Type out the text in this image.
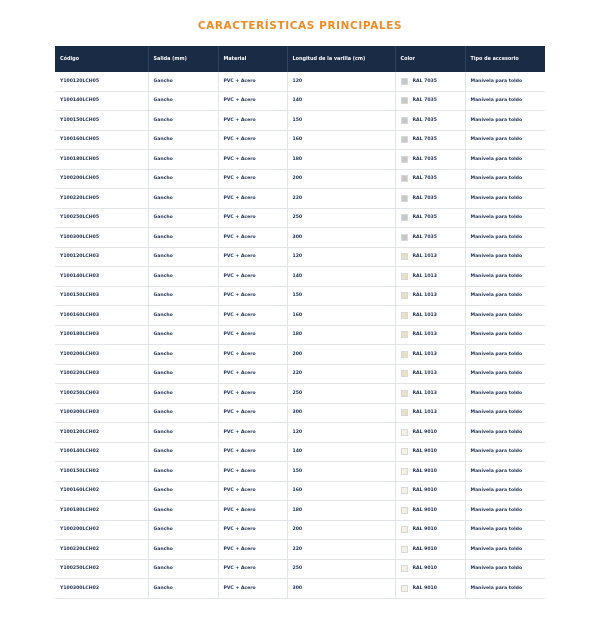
CARACTERÍSTICAS PRINCIPALES
Código	Salida (mm)	Material	Longitud de la varilla (cm)	Color	Tipo de accesorio
Y100120LCH05	Gancho	PVC + Acero	120	RAL 7035	Manivela para toldo
Y100140LCH05	Gancho	PVC + Acero	140	RAL 7035	Manivela para toldo
Y100150LCH05	Gancho	PVC + Acero	150	RAL 7035	Manivela para toldo
Y100160LCH05	Gancho	PVC + Acero	160	RAL 7035	Manivela para toldo
Y100180LCH05	Gancho	PVC + Acero	180	RAL 7035	Manivela para toldo
Y100200LCH05	Gancho	PVC + Acero	200	RAL 7035	Manivela para toldo
Y100220LCH05	Gancho	PVC + Acero	220	RAL 7035	Manivela para toldo
Y100250LCH05	Gancho	PVC + Acero	250	RAL 7035	Manivela para toldo
Y100300LCH05	Gancho	PVC + Acero	300	RAL 7035	Manivela para toldo
Y100120LCH03	Gancho	PVC + Acero	120	RAL 1013	Manivela para toldo
Y100140LCH03	Gancho	PVC + Acero	140	RAL 1013	Manivela para toldo
Y100150LCH03	Gancho	PVC + Acero	150	RAL 1013	Manivela para toldo
Y100160LCH03	Gancho	PVC + Acero	160	RAL 1013	Manivela para toldo
Y100180LCH03	Gancho	PVC + Acero	180	RAL 1013	Manivela para toldo
Y100200LCH03	Gancho	PVC + Acero	200	RAL 1013	Manivela para toldo
Y100220LCH03	Gancho	PVC + Acero	220	RAL 1013	Manivela para toldo
Y100250LCH03	Gancho	PVC + Acero	250	RAL 1013	Manivela para toldo
Y100300LCH03	Gancho	PVC + Acero	300	RAL 1013	Manivela para toldo
Y100120LCH02	Gancho	PVC + Acero	120	RAL 9010	Manivela para toldo
Y100140LCH02	Gancho	PVC + Acero	140	RAL 9010	Manivela para toldo
Y100150LCH02	Gancho	PVC + Acero	150	RAL 9010	Manivela para toldo
Y100160LCH02	Gancho	PVC + Acero	160	RAL 9010	Manivela para toldo
Y100180LCH02	Gancho	PVC + Acero	180	RAL 9010	Manivela para toldo
Y100200LCH02	Gancho	PVC + Acero	200	RAL 9010	Manivela para toldo
Y100220LCH02	Gancho	PVC + Acero	220	RAL 9010	Manivela para toldo
Y100250LCH02	Gancho	PVC + Acero	250	RAL 9010	Manivela para toldo
Y100300LCH02	Gancho	PVC + Acero	300	RAL 9010	Manivela para toldo
